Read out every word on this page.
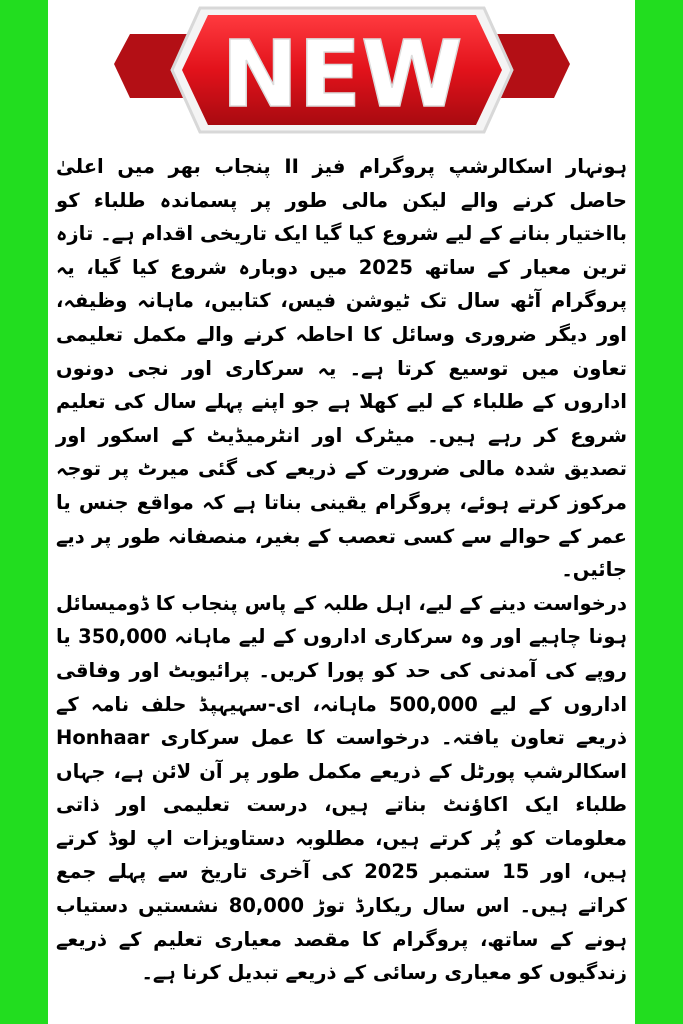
NEW

ہونہار اسکالرشپ پروگرام فیز II پنجاب بھر میں اعلیٰ حاصل کرنے والے لیکن مالی طور پر پسماندہ طلباء کو بااختیار بنانے کے لیے شروع کیا گیا ایک تاریخی اقدام ہے۔ تازہ ترین معیار کے ساتھ 2025 میں دوبارہ شروع کیا گیا، یہ پروگرام آٹھ سال تک ٹیوشن فیس، کتابیں، ماہانہ وظیفہ، اور دیگر ضروری وسائل کا احاطہ کرنے والے مکمل تعلیمی تعاون میں توسیع کرتا ہے۔ یہ سرکاری اور نجی دونوں اداروں کے طلباء کے لیے کھلا ہے جو اپنے پہلے سال کی تعلیم شروع کر رہے ہیں۔ میٹرک اور انٹرمیڈیٹ کے اسکور اور تصدیق شدہ مالی ضرورت کے ذریعے کی گئی میرٹ پر توجہ مرکوز کرتے ہوئے، پروگرام یقینی بناتا ہے کہ مواقع جنس یا عمر کے حوالے سے کسی تعصب کے بغیر، منصفانہ طور پر دیے جائیں۔

درخواست دینے کے لیے، اہل طلبہ کے پاس پنجاب کا ڈومیسائل ہونا چاہیے اور وہ سرکاری اداروں کے لیے ماہانہ 350,000 یا روپے کی آمدنی کی حد کو پورا کریں۔ پرائیویٹ اور وفاقی اداروں کے لیے 500,000 ماہانہ، ای-سہیہپڈ حلف نامہ کے ذریعے تعاون یافتہ۔ درخواست کا عمل سرکاری Honhaar اسکالرشپ پورٹل کے ذریعے مکمل طور پر آن لائن ہے، جہاں طلباء ایک اکاؤنٹ بناتے ہیں، درست تعلیمی اور ذاتی معلومات کو پُر کرتے ہیں، مطلوبہ دستاویزات اپ لوڈ کرتے ہیں، اور 15 ستمبر 2025 کی آخری تاریخ سے پہلے جمع کراتے ہیں۔ اس سال ریکارڈ توڑ 80,000 نشستیں دستیاب ہونے کے ساتھ، پروگرام کا مقصد معیاری تعلیم کے ذریعے زندگیوں کو معیاری رسائی کے ذریعے تبدیل کرنا ہے۔
